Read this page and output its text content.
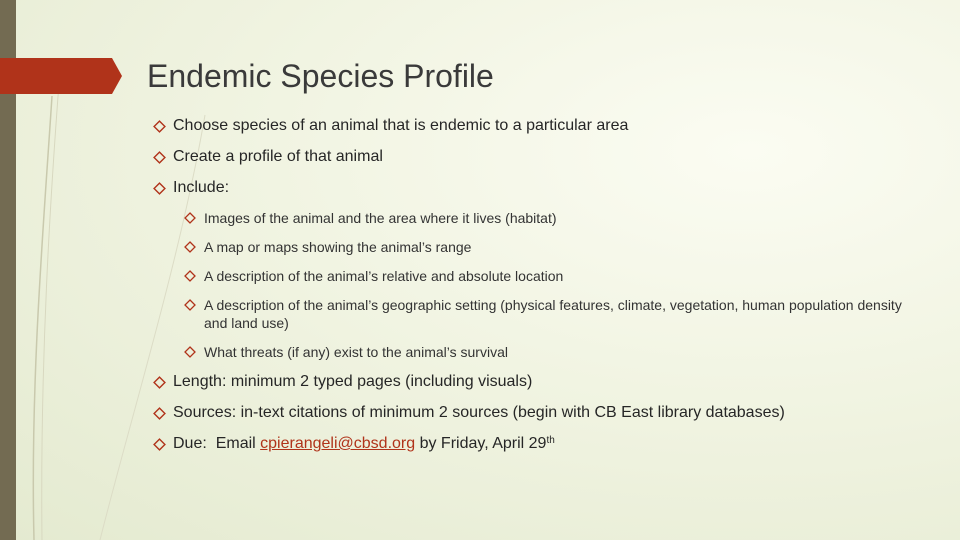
Endemic Species Profile
Choose species of an animal that is endemic to a particular area
Create a profile of that animal
Include:
Images of the animal and the area where it lives (habitat)
A map or maps showing the animal’s range
A description of the animal’s relative and absolute location
A description of the animal’s geographic setting (physical features, climate, vegetation, human population density and land use)
What threats (if any) exist to the animal’s survival
Length: minimum 2 typed pages (including visuals)
Sources: in-text citations of minimum 2 sources (begin with CB East library databases)
Due:  Email cpierangeli@cbsd.org by Friday, April 29th
